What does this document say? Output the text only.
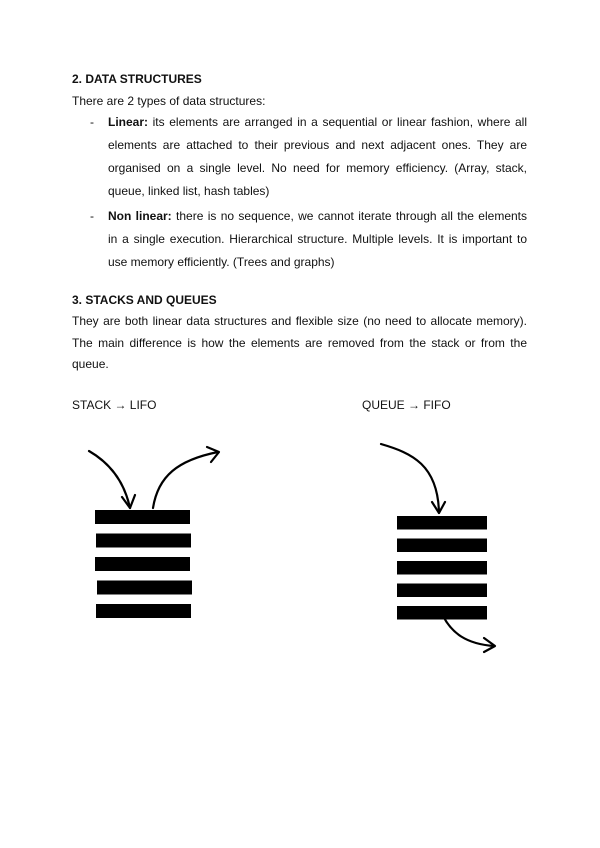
2. DATA STRUCTURES

There are 2 types of data structures:

- Linear: its elements are arranged in a sequential or linear fashion, where all elements are attached to their previous and next adjacent ones. They are organised on a single level. No need for memory efficiency. (Array, stack, queue, linked list, hash tables)
- Non linear: there is no sequence, we cannot iterate through all the elements in a single execution. Hierarchical structure. Multiple levels. It is important to use memory efficiently. (Trees and graphs)
3. STACKS AND QUEUES

They are both linear data structures and flexible size (no need to allocate memory). The main difference is how the elements are removed from the stack or from the queue.

STACK → LIFO	QUEUE → FIFO
